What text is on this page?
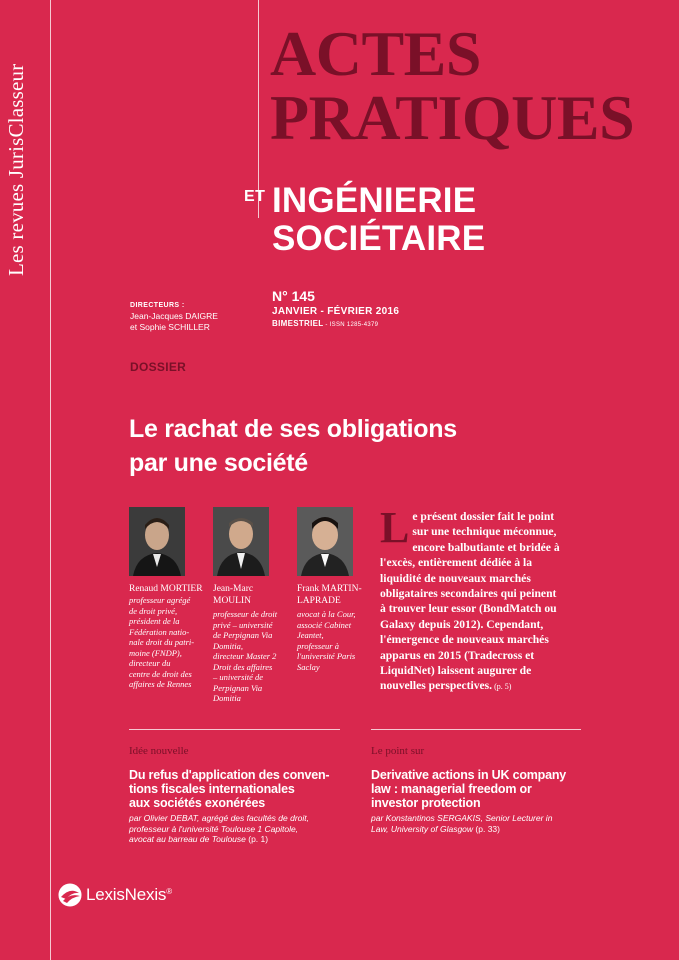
Les revues JurisClasseur
ACTES
PRATIQUES
ET INGÉNIERIE
SOCIÉTAIRE
DIRECTEURS :
Jean-Jacques DAIGRE
et Sophie SCHILLER
N° 145
JANVIER - FÉVRIER 2016
BIMESTRIEL - ISSN 1285-4379
DOSSIER
Le rachat de ses obligations
par une société
Renaud MORTIER
professeur agrégé
de droit privé,
président de la
Fédération natio-
nale droit du patri-
moine (FNDP),
directeur du
centre de droit des
affaires de Rennes
Jean-Marc
MOULIN
professeur de droit
privé – université
de Perpignan Via
Domitia,
directeur Master 2
Droit des affaires
– université de
Perpignan Via
Domitia
Frank MARTIN-
LAPRADE
avocat à la Cour,
associé Cabinet
Jeantet,
professeur à
l'université Paris
Saclay
L e présent dossier fait le point
sur une technique méconnue,
encore balbutiante et bridée à
l'excès, entièrement dédiée à la
liquidité de nouveaux marchés
obligataires secondaires qui peinent
à trouver leur essor (BondMatch ou
Galaxy depuis 2012). Cependant,
l'émergence de nouveaux marchés
apparus en 2015 (Tradecross et
LiquidNet) laissent augurer de
nouvelles perspectives. (p. 5)
Idée nouvelle
Du refus d'application des conven-
tions fiscales internationales
aux sociétés exonérées
par Olivier DEBAT, agrégé des facultés de droit,
professeur à l'université Toulouse 1 Capitole,
avocat au barreau de Toulouse (p. 1)
Le point sur
Derivative actions in UK company
law : managerial freedom or
investor protection
par Konstantinos SERGAKIS, Senior Lecturer in
Law, University of Glasgow (p. 33)
LexisNexis ®
